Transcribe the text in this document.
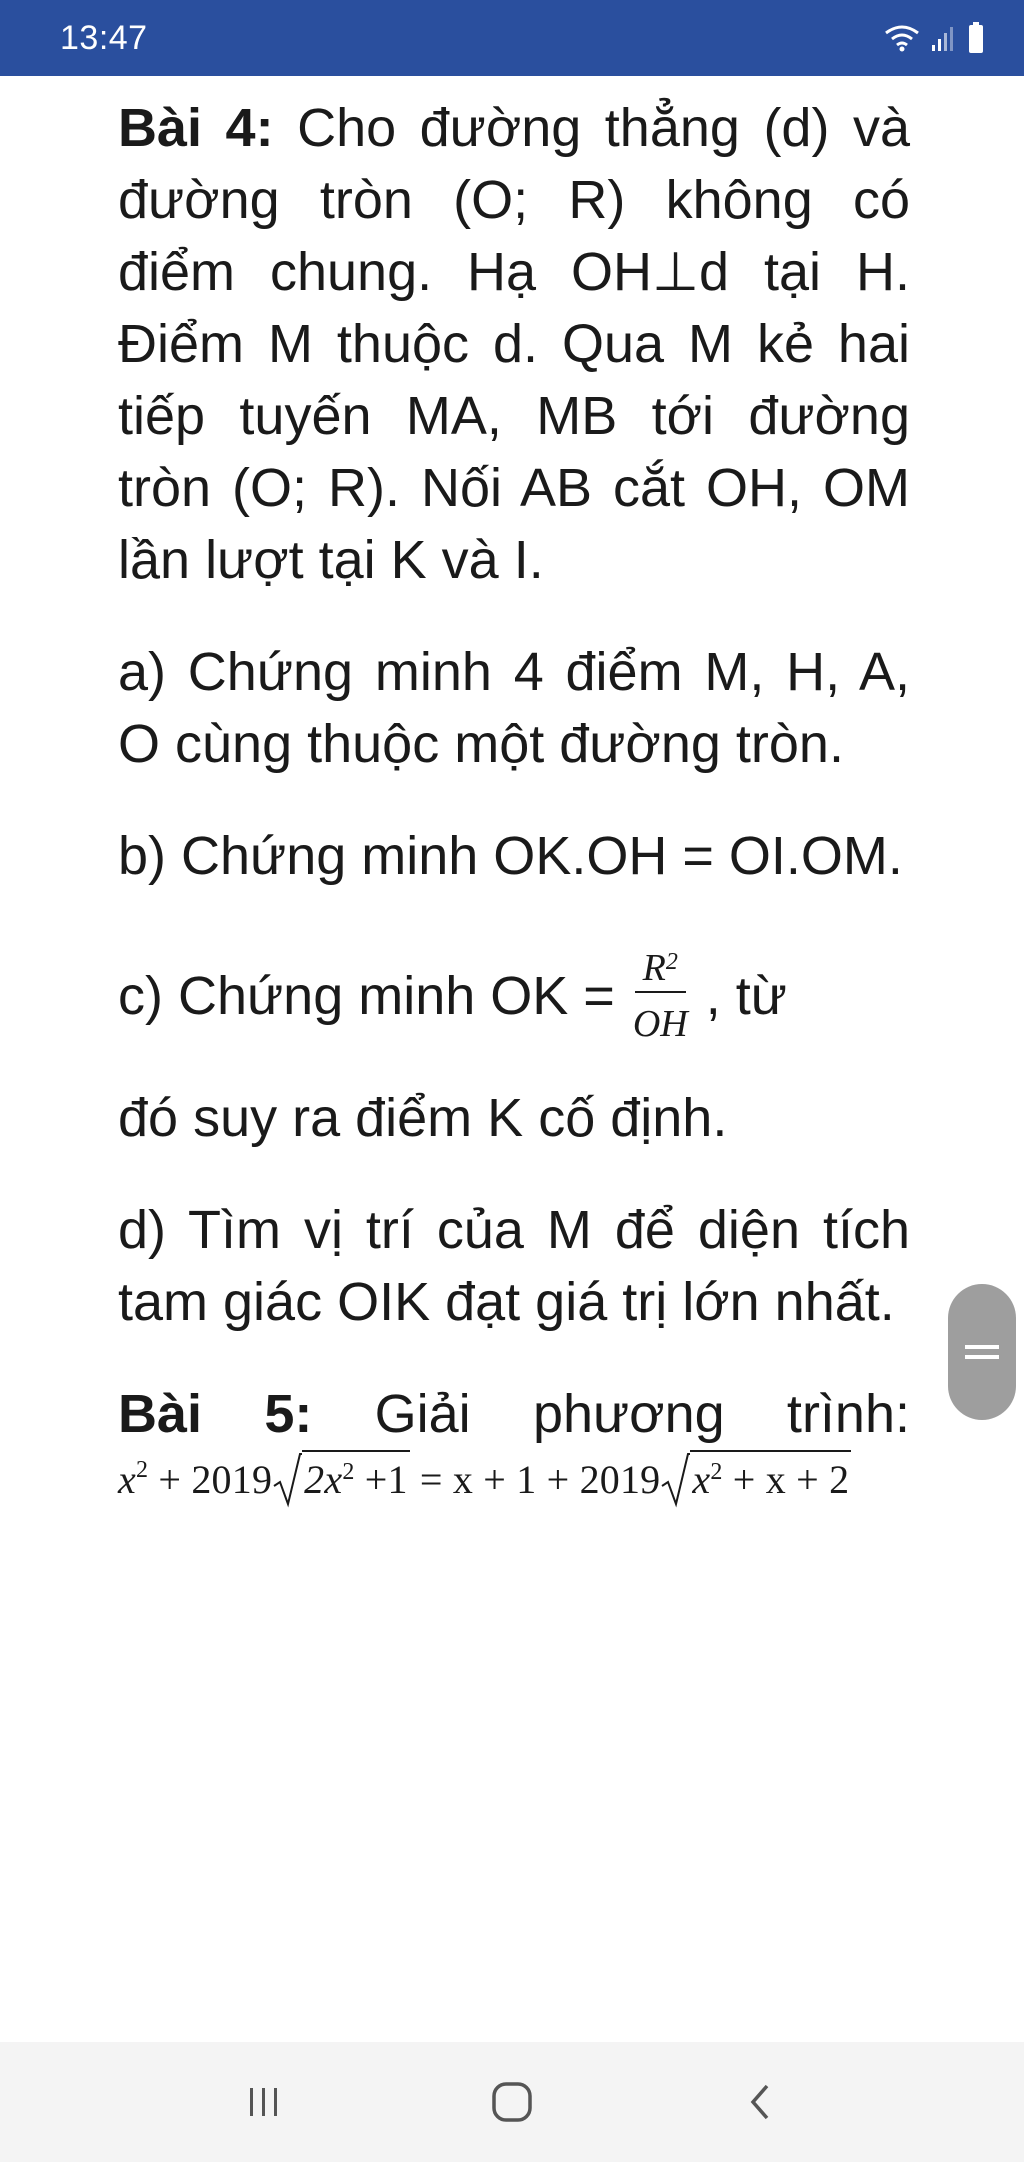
13:47

Bài 4: Cho đường thẳng (d) và đường tròn (O; R) không có điểm chung. Hạ OH⊥d tại H. Điểm M thuộc d. Qua M kẻ hai tiếp tuyến MA, MB tới đường tròn (O; R). Nối AB cắt OH, OM lần lượt tại K và I.

a) Chứng minh 4 điểm M, H, A, O cùng thuộc một đường tròn.

b) Chứng minh OK.OH = OI.OM.

c) Chứng minh OK = $\frac{R^2}{OH}$ , từ

đó suy ra điểm K cố định.

d) Tìm vị trí của M để diện tích tam giác OIK đạt giá trị lớn nhất.

Bài 5: Giải phương trình:

$x^2 + 2019$ $2x^2 +1 = x + 1 + 2019$ $x^2 + x + 2$
